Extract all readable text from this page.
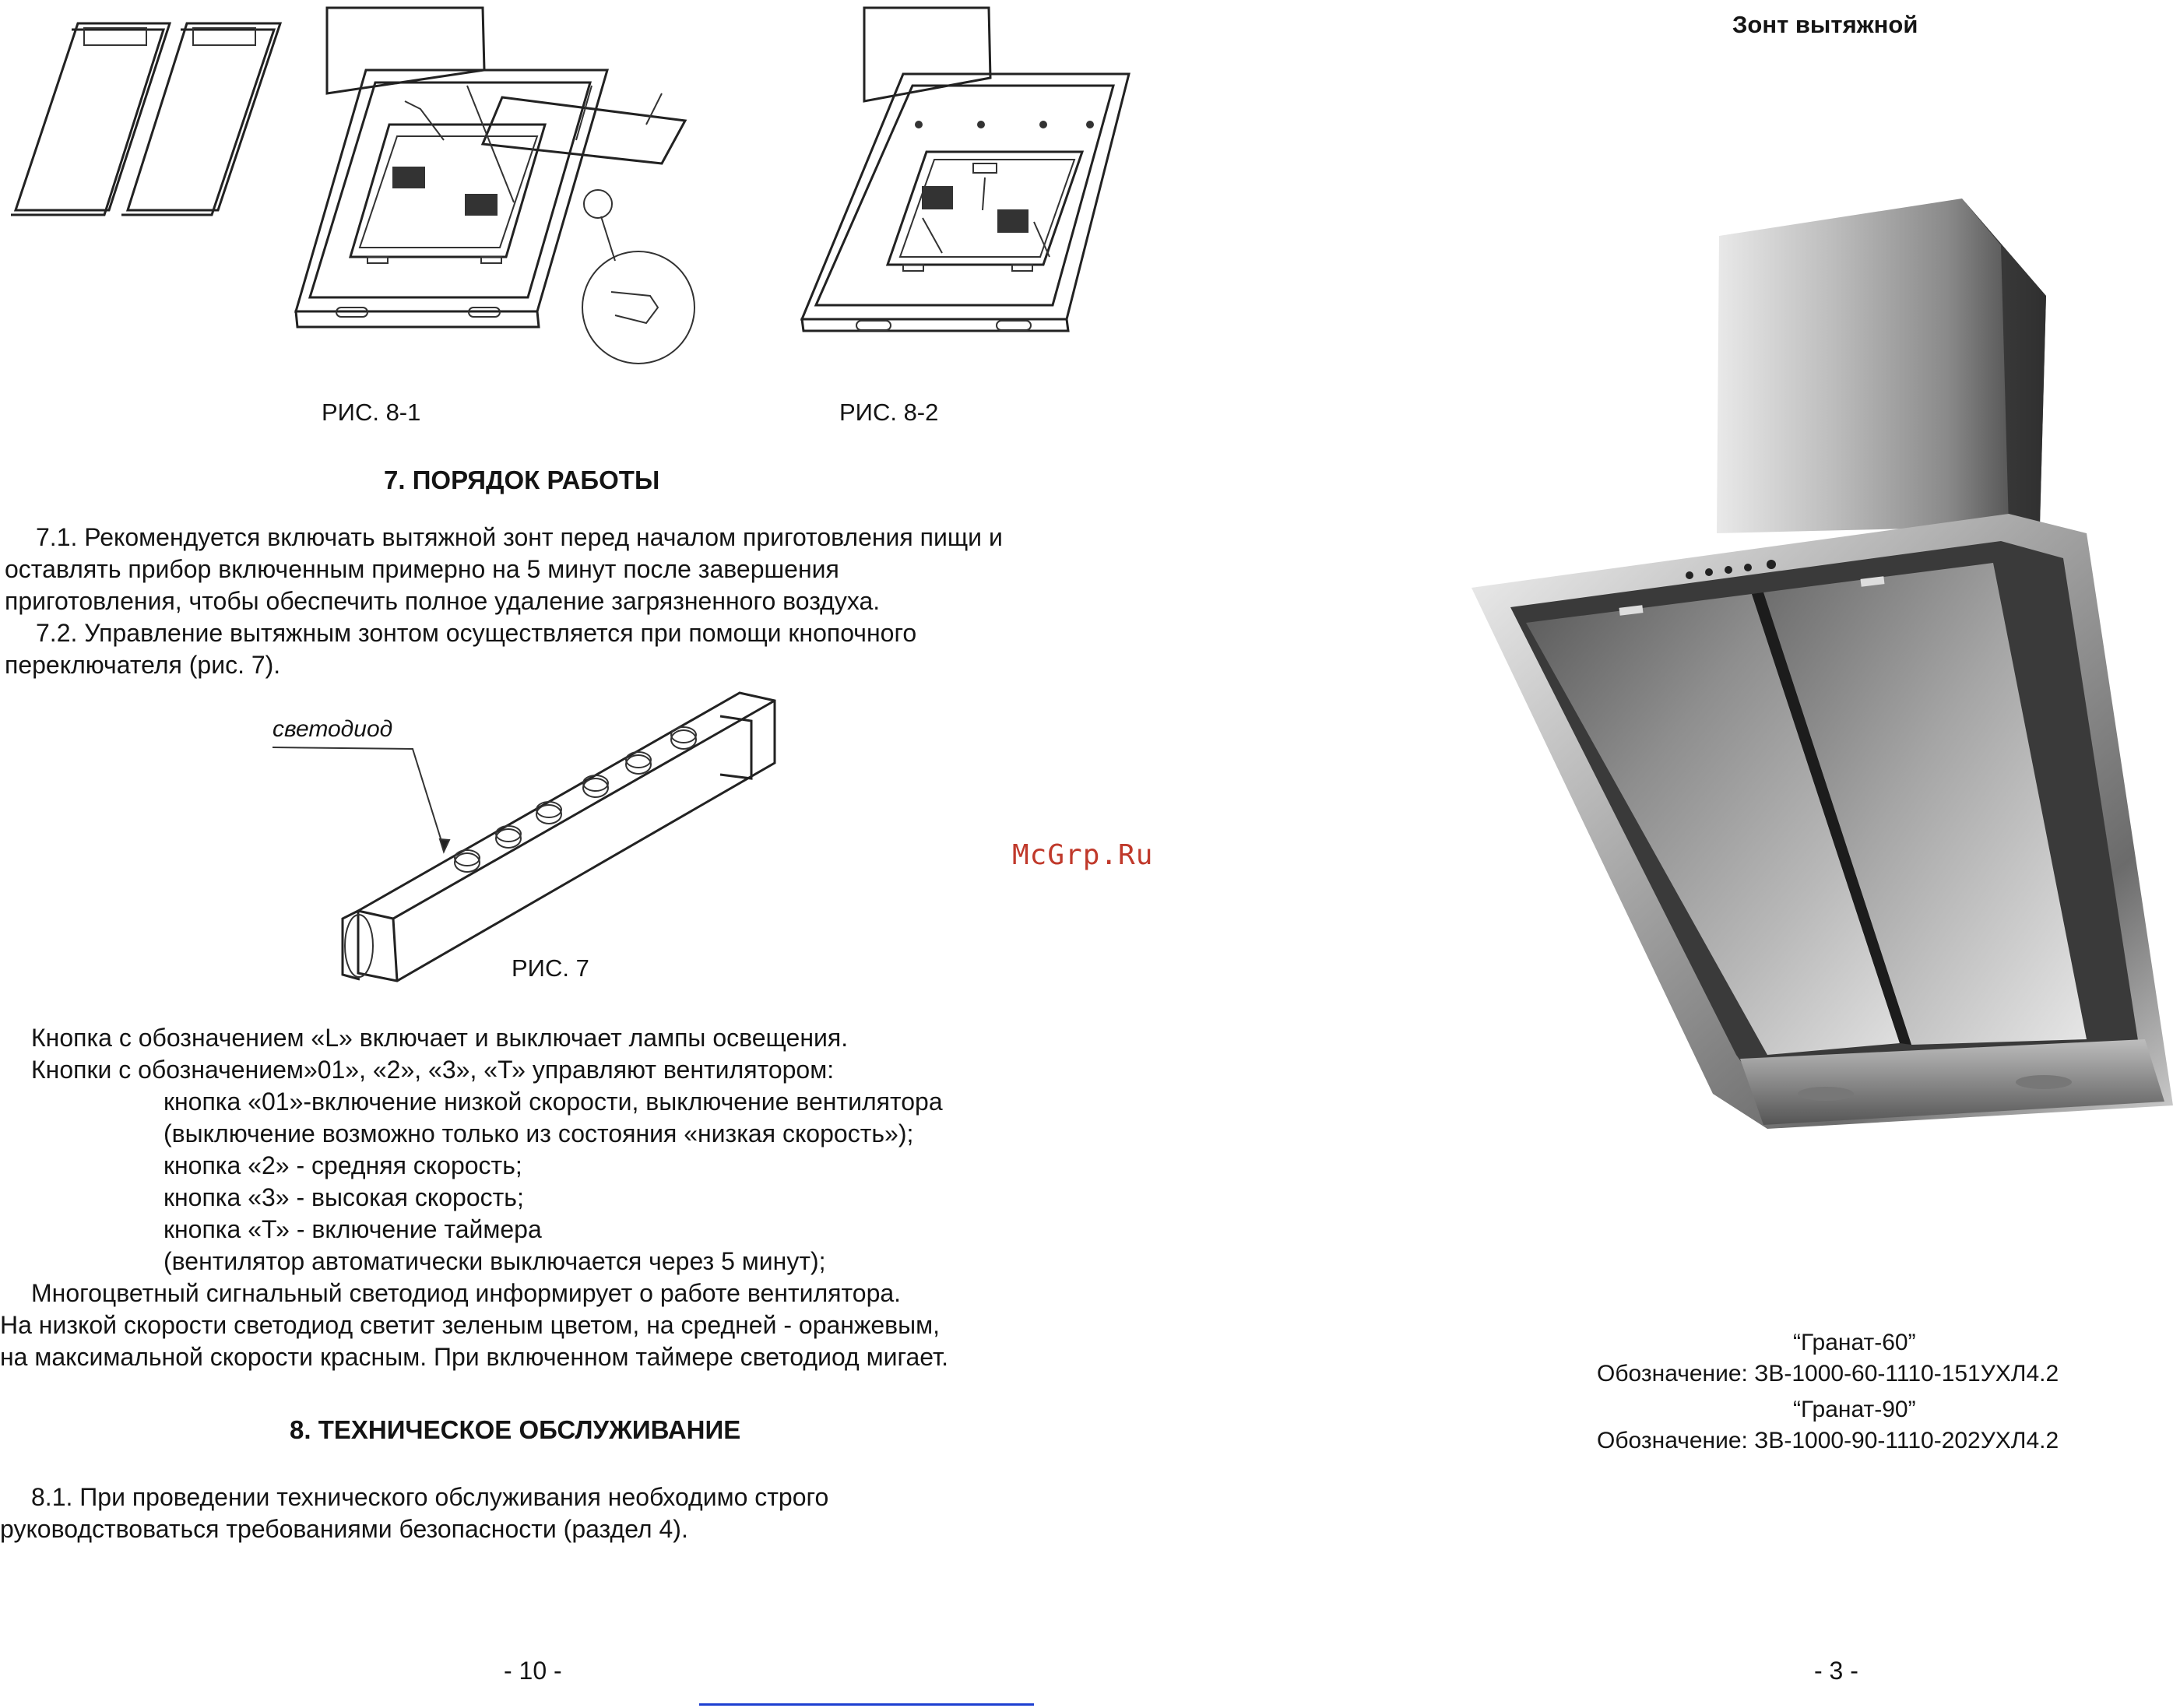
РИС. 8-1	РИС. 8-2
7. ПОРЯДОК РАБОТЫ
7.1. Рекомендуется включать вытяжной зонт перед началом приготовления пищи и
оставлять прибор включенным примерно на 5 минут после завершения
приготовления, чтобы обеспечить полное удаление загрязненного воздуха.
7.2. Управление вытяжным зонтом осуществляется при помощи кнопочного
переключателя (рис. 7).
светодиод
РИС. 7
Кнопка с обозначением «L» включает и выключает лампы освещения.
Кнопки с обозначением»01», «2», «3», «Т» управляют вентилятором:
кнопка «01»-включение низкой скорости, выключение вентилятора
(выключение возможно только из состояния «низкая скорость»);
кнопка «2» - средняя скорость;
кнопка «3» - высокая скорость;
кнопка «Т» - включение таймера
(вентилятор автоматически выключается через 5 минут);
Многоцветный сигнальный светодиод информирует о работе вентилятора.
На низкой скорости светодиод светит зеленым цветом, на средней - оранжевым,
на максимальной скорости красным. При включенном таймере светодиод мигает.
8. ТЕХНИЧЕСКОЕ ОБСЛУЖИВАНИЕ
8.1. При проведении технического обслуживания необходимо строго
руководствоваться требованиями безопасности (раздел 4).
- 10 -
McGrp.Ru
Зонт вытяжной
“Гранат-60”
Обозначение: ЗВ-1000-60-1110-151УХЛ4.2
“Гранат-90”
Обозначение: ЗВ-1000-90-1110-202УХЛ4.2
- 3 -
